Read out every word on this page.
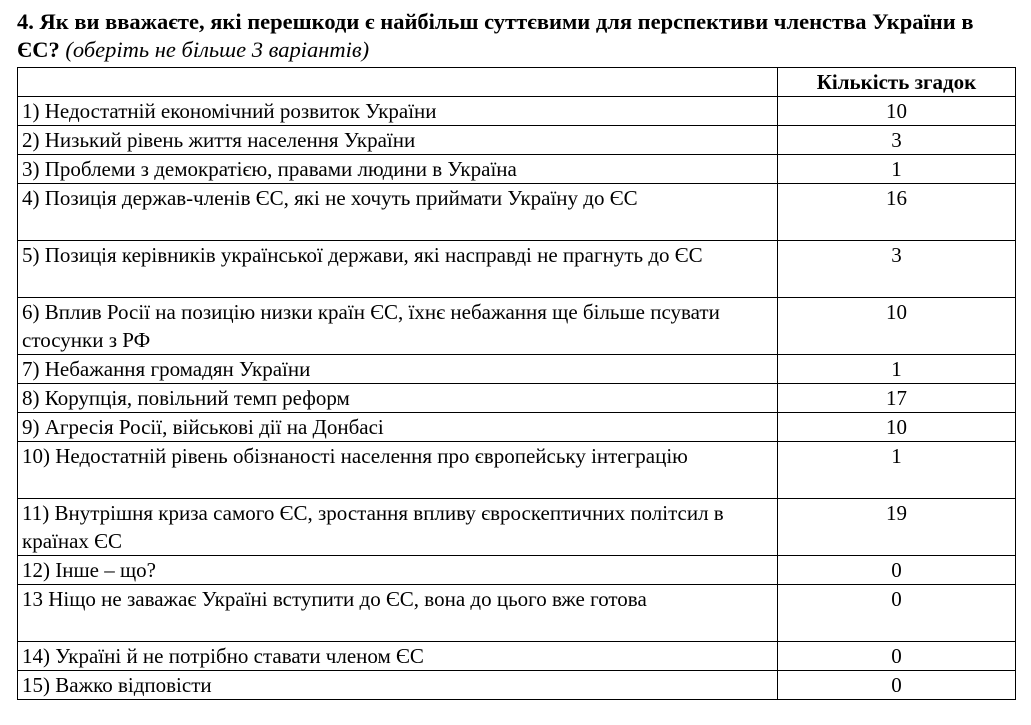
4. Як ви вважаєте, які перешкоди є найбільш суттєвими для перспективи членства України в ЄС? (оберіть не більше 3 варіантів)
	Кількість згадок
1) Недостатній економічний розвиток України	10
2) Низький рівень життя населення України	3
3) Проблеми з демократією, правами людини в Україна	1
4) Позиція держав-членів ЄС, які не хочуть приймати Україну до ЄС	16
5) Позиція керівників української держави, які насправді не прагнуть до ЄС	3
6) Вплив Росії на позицію низки країн ЄС, їхнє небажання ще більше псувати стосунки з РФ	10
7) Небажання громадян України	1
8) Корупція, повільний темп реформ	17
9) Агресія Росії, військові дії на Донбасі	10
10) Недостатній рівень обізнаності населення про європейську інтеграцію	1
11) Внутрішня криза самого ЄС, зростання впливу євроскептичних політсил в країнах ЄС	19
12) Інше – що?	0
13 Ніщо не заважає Україні вступити до ЄС, вона до цього вже готова	0
14) Україні й не потрібно ставати членом ЄС	0
15) Важко відповісти	0
